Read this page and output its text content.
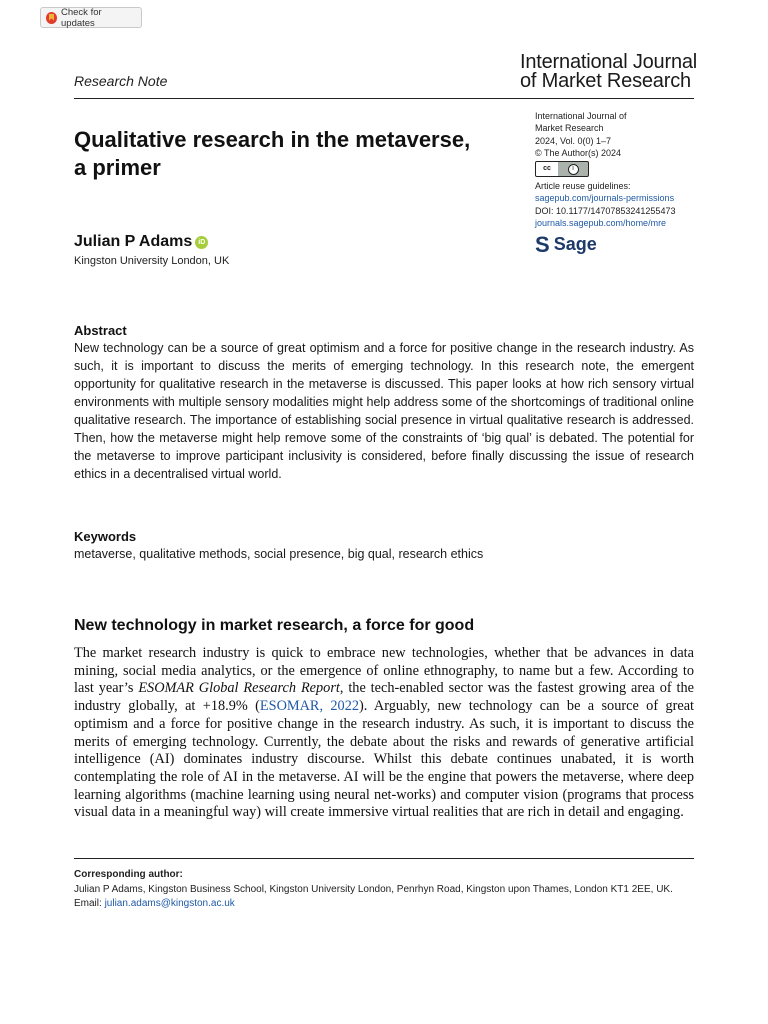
Check for updates
International Journal
of Market Research
Research Note
Qualitative research in the metaverse, a primer
Julian P Adams iD
Kingston University London, UK
International Journal of
Market Research
2024, Vol. 0(0) 1–7
© The Author(s) 2024
cc	i
Article reuse guidelines:
sagepub.com/journals-permissions
DOI: 10.1177/14707853241255473
journals.sagepub.com/home/mre
S Sage
Abstract

New technology can be a source of great optimism and a force for positive change in the research industry. As such, it is important to discuss the merits of emerging technology. In this research note, the emergent opportunity for qualitative research in the metaverse is discussed. This paper looks at how rich sensory virtual environments with multiple sensory modalities might help address some of the shortcomings of traditional online qualitative research. The importance of establishing social presence in virtual qualitative research is addressed. Then, how the metaverse might help remove some of the constraints of ‘big qual’ is debated. The potential for the metaverse to improve participant inclusivity is considered, before finally discussing the issue of research ethics in a decentralised virtual world.

Keywords

metaverse, qualitative methods, social presence, big qual, research ethics

New technology in market research, a force for good

The market research industry is quick to embrace new technologies, whether that be advances in data mining, social media analytics, or the emergence of online ethnography, to name but a few. According to last year’s ESOMAR Global Research Report, the tech-enabled sector was the fastest growing area of the industry globally, at +18.9% (ESOMAR, 2022). Arguably, new technology can be a source of great optimism and a force for positive change in the research industry. As such, it is important to discuss the merits of emerging technology. Currently, the debate about the risks and rewards of generative artificial intelligence (AI) dominates industry discourse. Whilst this debate continues unabated, it is worth contemplating the role of AI in the metaverse. AI will be the engine that powers the metaverse, where deep learning algorithms (machine learning using neural net-works) and computer vision (programs that process visual data in a meaningful way) will create immersive virtual realities that are rich in detail and engaging.

Corresponding author:
Julian P Adams, Kingston Business School, Kingston University London, Penrhyn Road, Kingston upon Thames, London KT1 2EE, UK.
Email: julian.adams@kingston.ac.uk
